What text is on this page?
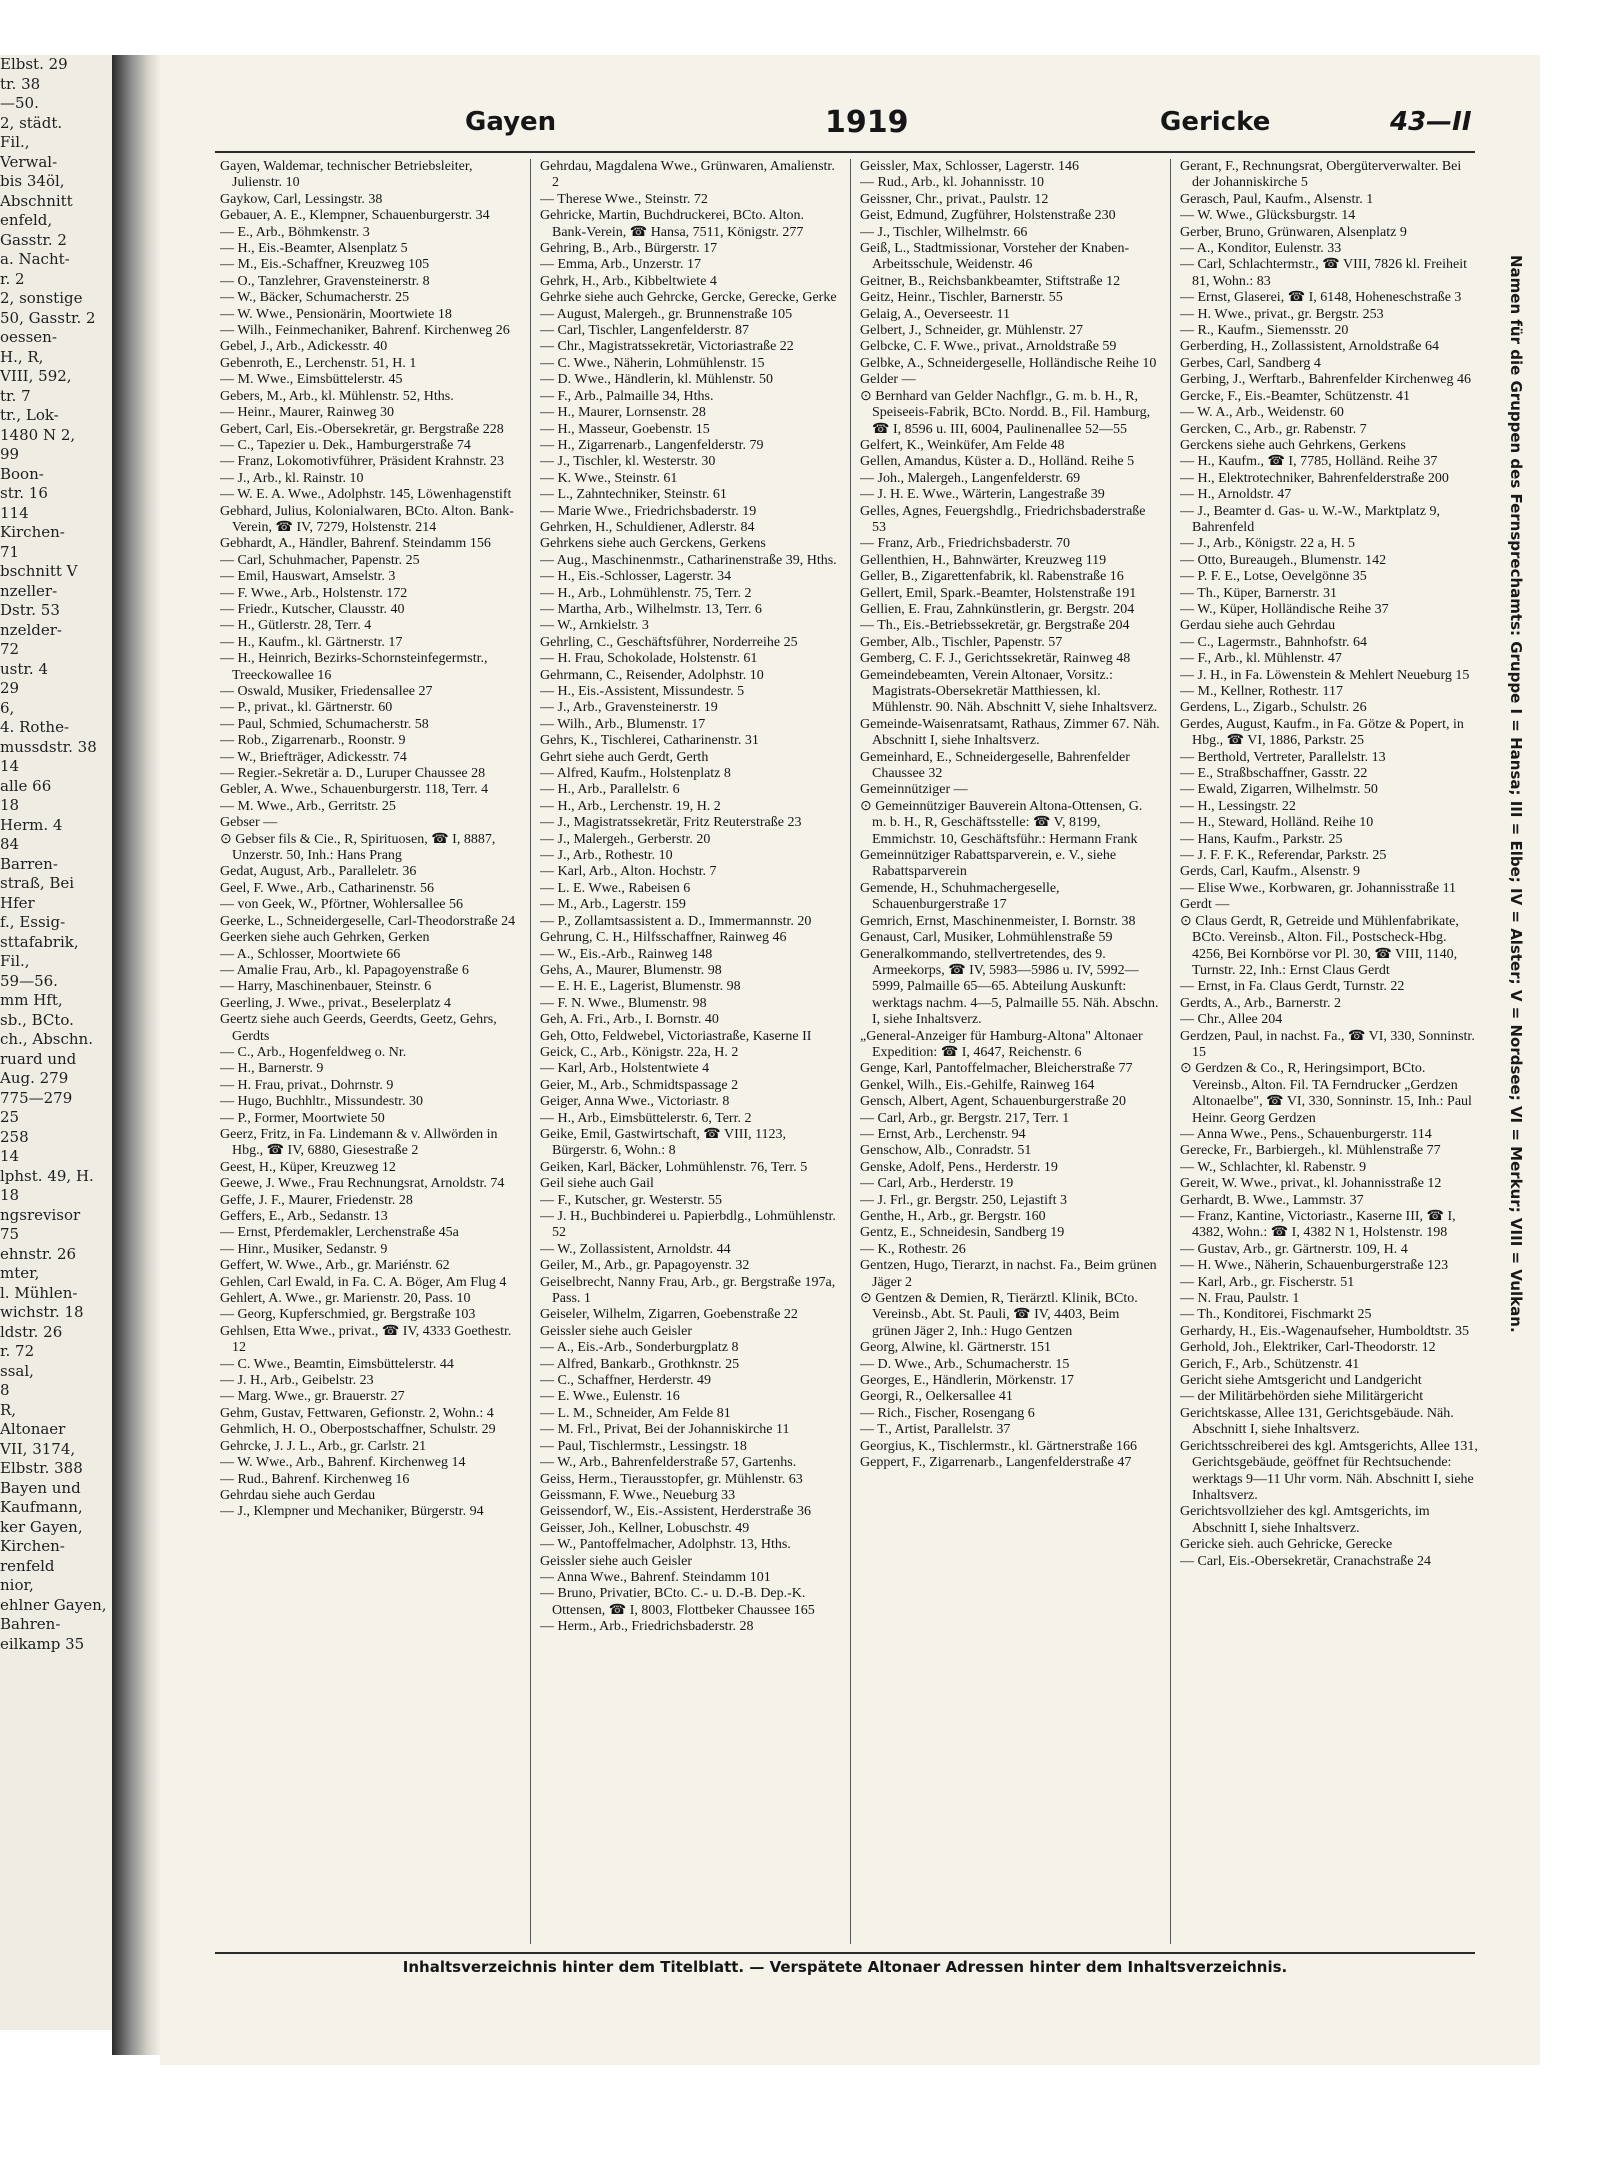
Elbst. 29
tr. 38
—50.
2, städt.
Fil.,
Verwal-
bis 34öl,
Abschnitt
enfeld,
Gasstr. 2
a. Nacht-
r. 2
2, sonstige
50, Gasstr. 2
oessen-
H., R,
VIII, 592,
tr. 7
tr., Lok-
1480 N 2,
99
Boon-
str. 16
114
Kirchen-
71
bschnitt V
nzeller-
Dstr. 53
nzelder-
72
ustr. 4
29
6,
4. Rothe-
mussdstr. 38
14
alle 66
18
Herm. 4
84
Barren-
straß, Bei
Hfer
f., Essig-
sttafabrik,
Fil.,
59—56.
mm Hft,
sb., BCto.
ch., Abschn.
ruard und
Aug. 279
775—279
25
258
14
lphst. 49, H.
18
ngsrevisor
75
ehnstr. 26
mter,
l. Mühlen-
wichstr. 18
ldstr. 26
r. 72
ssal,
8
R,
Altonaer
VII, 3174,
Elbstr. 388
Bayen und
Kaufmann,
ker Gayen,
Kirchen-
renfeld
nior,
ehlner Gayen,
Bahren-
eilkamp 35
Gayen	1919	Gericke	43—II
Gayen, Waldemar, technischer Betriebsleiter, Julienstr. 10
Gaykow, Carl, Lessingstr. 38
Gebauer, A. E., Klempner, Schauenburgerstr. 34
— E., Arb., Böhmkenstr. 3
— H., Eis.-Beamter, Alsenplatz 5
— M., Eis.-Schaffner, Kreuzweg 105
— O., Tanzlehrer, Gravensteinerstr. 8
— W., Bäcker, Schumacherstr. 25
— W. Wwe., Pensionärin, Moortwiete 18
— Wilh., Feinmechaniker, Bahrenf. Kirchenweg 26
Gebel, J., Arb., Adickesstr. 40
Gebenroth, E., Lerchenstr. 51, H. 1
— M. Wwe., Eimsbüttelerstr. 45
Gebers, M., Arb., kl. Mühlenstr. 52, Hths.
— Heinr., Maurer, Rainweg 30
Gebert, Carl, Eis.-Obersekretär, gr. Bergstraße 228
— C., Tapezier u. Dek., Hamburgerstraße 74
— Franz, Lokomotivführer, Präsident Krahnstr. 23
— J., Arb., kl. Rainstr. 10
— W. E. A. Wwe., Adolphstr. 145, Löwenhagenstift
Gebhard, Julius, Kolonialwaren, BCto. Alton. Bank-Verein, ☎ IV, 7279, Holstenstr. 214
Gebhardt, A., Händler, Bahrenf. Steindamm 156
— Carl, Schuhmacher, Papenstr. 25
— Emil, Hauswart, Amselstr. 3
— F. Wwe., Arb., Holstenstr. 172
— Friedr., Kutscher, Clausstr. 40
— H., Gütlerstr. 28, Terr. 4
— H., Kaufm., kl. Gärtnerstr. 17
— H., Heinrich, Bezirks-Schornsteinfegermstr., Treeckowallee 16
— Oswald, Musiker, Friedensallee 27
— P., privat., kl. Gärtnerstr. 60
— Paul, Schmied, Schumacherstr. 58
— Rob., Zigarrenarb., Roonstr. 9
— W., Briefträger, Adickesstr. 74
— Regier.-Sekretär a. D., Luruper Chaussee 28
Gebler, A. Wwe., Schauenburgerstr. 118, Terr. 4
— M. Wwe., Arb., Gerritstr. 25
Gebser —
⊙ Gebser fils & Cie., R, Spirituosen, ☎ I, 8887, Unzerstr. 50, Inh.: Hans Prang
Gedat, August, Arb., Paralleletr. 36
Geel, F. Wwe., Arb., Catharinenstr. 56
— von Geek, W., Pförtner, Wohlersallee 56
Geerke, L., Schneidergeselle, Carl-Theodorstraße 24
Geerken siehe auch Gehrken, Gerken
— A., Schlosser, Moortwiete 66
— Amalie Frau, Arb., kl. Papagoyenstraße 6
— Harry, Maschinenbauer, Steinstr. 6
Geerling, J. Wwe., privat., Beselerplatz 4
Geertz siehe auch Geerds, Geerdts, Geetz, Gehrs, Gerdts
— C., Arb., Hogenfeldweg o. Nr.
— H., Barnerstr. 9
— H. Frau, privat., Dohrnstr. 9
— Hugo, Buchhltr., Missundestr. 30
— P., Former, Moortwiete 50
Geerz, Fritz, in Fa. Lindemann & v. Allwörden in Hbg., ☎ IV, 6880, Giesestraße 2
Geest, H., Küper, Kreuzweg 12
Geewe, J. Wwe., Frau Rechnungsrat, Arnoldstr. 74
Geffe, J. F., Maurer, Friedenstr. 28
Geffers, E., Arb., Sedanstr. 13
— Ernst, Pferdemakler, Lerchenstraße 45a
— Hinr., Musiker, Sedanstr. 9
Geffert, W. Wwe., Arb., gr. Mariénstr. 62
Gehlen, Carl Ewald, in Fa. C. A. Böger, Am Flug 4
Gehlert, A. Wwe., gr. Marienstr. 20, Pass. 10
— Georg, Kupferschmied, gr. Bergstraße 103
Gehlsen, Etta Wwe., privat., ☎ IV, 4333 Goethestr. 12
— C. Wwe., Beamtin, Eimsbüttelerstr. 44
— J. H., Arb., Geibelstr. 23
— Marg. Wwe., gr. Brauerstr. 27
Gehm, Gustav, Fettwaren, Gefionstr. 2, Wohn.: 4
Gehmlich, H. O., Oberpostschaffner, Schulstr. 29
Gehrcke, J. J. L., Arb., gr. Carlstr. 21
— W. Wwe., Arb., Bahrenf. Kirchenweg 14
— Rud., Bahrenf. Kirchenweg 16
Gehrdau siehe auch Gerdau
— J., Klempner und Mechaniker, Bürgerstr. 94
Gehrdau, Magdalena Wwe., Grünwaren, Amalienstr. 2
— Therese Wwe., Steinstr. 72
Gehricke, Martin, Buchdruckerei, BCto. Alton. Bank-Verein, ☎ Hansa, 7511, Königstr. 277
Gehring, B., Arb., Bürgerstr. 17
— Emma, Arb., Unzerstr. 17
Gehrk, H., Arb., Kibbeltwiete 4
Gehrke siehe auch Gehrcke, Gercke, Gerecke, Gerke
— August, Malergeh., gr. Brunnenstraße 105
— Carl, Tischler, Langenfelderstr. 87
— Chr., Magistratssekretär, Victoriastraße 22
— C. Wwe., Näherin, Lohmühlenstr. 15
— D. Wwe., Händlerin, kl. Mühlenstr. 50
— F., Arb., Palmaille 34, Hths.
— H., Maurer, Lornsenstr. 28
— H., Masseur, Goebenstr. 15
— H., Zigarrenarb., Langenfelderstr. 79
— J., Tischler, kl. Westerstr. 30
— K. Wwe., Steinstr. 61
— L., Zahntechniker, Steinstr. 61
— Marie Wwe., Friedrichsbaderstr. 19
Gehrken, H., Schuldiener, Adlerstr. 84
Gehrkens siehe auch Gerckens, Gerkens
— Aug., Maschinenmstr., Catharinenstraße 39, Hths.
— H., Eis.-Schlosser, Lagerstr. 34
— H., Arb., Lohmühlenstr. 75, Terr. 2
— Martha, Arb., Wilhelmstr. 13, Terr. 6
— W., Arnkielstr. 3
Gehrling, C., Geschäftsführer, Norderreihe 25
— H. Frau, Schokolade, Holstenstr. 61
Gehrmann, C., Reisender, Adolphstr. 10
— H., Eis.-Assistent, Missundestr. 5
— J., Arb., Gravensteinerstr. 19
— Wilh., Arb., Blumenstr. 17
Gehrs, K., Tischlerei, Catharinenstr. 31
Gehrt siehe auch Gerdt, Gerth
— Alfred, Kaufm., Holstenplatz 8
— H., Arb., Parallelstr. 6
— H., Arb., Lerchenstr. 19, H. 2
— J., Magistratssekretär, Fritz Reuterstraße 23
— J., Malergeh., Gerberstr. 20
— J., Arb., Rothestr. 10
— Karl, Arb., Alton. Hochstr. 7
— L. E. Wwe., Rabeisen 6
— M., Arb., Lagerstr. 159
— P., Zollamtsassistent a. D., Immermannstr. 20
Gehrung, C. H., Hilfsschaffner, Rainweg 46
— W., Eis.-Arb., Rainweg 148
Gehs, A., Maurer, Blumenstr. 98
— E. H. E., Lagerist, Blumenstr. 98
— F. N. Wwe., Blumenstr. 98
Geh, A. Fri., Arb., I. Bornstr. 40
Geh, Otto, Feldwebel, Victoriastraße, Kaserne II
Geick, C., Arb., Königstr. 22a, H. 2
— Karl, Arb., Holstentwiete 4
Geier, M., Arb., Schmidtspassage 2
Geiger, Anna Wwe., Victoriastr. 8
— H., Arb., Eimsbüttelerstr. 6, Terr. 2
Geike, Emil, Gastwirtschaft, ☎ VIII, 1123, Bürgerstr. 6, Wohn.: 8
Geiken, Karl, Bäcker, Lohmühlenstr. 76, Terr. 5
Geil siehe auch Gail
— F., Kutscher, gr. Westerstr. 55
— J. H., Buchbinderei u. Papierbdlg., Lohmühlenstr. 52
— W., Zollassistent, Arnoldstr. 44
Geiler, M., Arb., gr. Papagoyenstr. 32
Geiselbrecht, Nanny Frau, Arb., gr. Bergstraße 197a, Pass. 1
Geiseler, Wilhelm, Zigarren, Goebenstraße 22
Geissler siehe auch Geisler
— A., Eis.-Arb., Sonderburgplatz 8
— Alfred, Bankarb., Grothknstr. 25
— C., Schaffner, Herderstr. 49
— E. Wwe., Eulenstr. 16
— L. M., Schneider, Am Felde 81
— M. Frl., Privat, Bei der Johanniskirche 11
— Paul, Tischlermstr., Lessingstr. 18
— W., Arb., Bahrenfelderstraße 57, Gartenhs.
Geiss, Herm., Tierausstopfer, gr. Mühlenstr. 63
Geissmann, F. Wwe., Neueburg 33
Geissendorf, W., Eis.-Assistent, Herderstraße 36
Geisser, Joh., Kellner, Lobuschstr. 49
— W., Pantoffelmacher, Adolphstr. 13, Hths.
Geissler siehe auch Geisler
— Anna Wwe., Bahrenf. Steindamm 101
— Bruno, Privatier, BCto. C.- u. D.-B. Dep.-K. Ottensen, ☎ I, 8003, Flottbeker Chaussee 165
— Herm., Arb., Friedrichsbaderstr. 28
Geissler, Max, Schlosser, Lagerstr. 146
— Rud., Arb., kl. Johannisstr. 10
Geissner, Chr., privat., Paulstr. 12
Geist, Edmund, Zugführer, Holstenstraße 230
— J., Tischler, Wilhelmstr. 66
Geiß, L., Stadtmissionar, Vorsteher der Knaben-Arbeitsschule, Weidenstr. 46
Geitner, B., Reichsbankbeamter, Stiftstraße 12
Geitz, Heinr., Tischler, Barnerstr. 55
Gelaig, A., Oeverseestr. 11
Gelbert, J., Schneider, gr. Mühlenstr. 27
Gelbcke, C. F. Wwe., privat., Arnoldstraße 59
Gelbke, A., Schneidergeselle, Holländische Reihe 10
Gelder —
⊙ Bernhard van Gelder Nachflgr., G. m. b. H., R, Speiseeis-Fabrik, BCto. Nordd. B., Fil. Hamburg, ☎ I, 8596 u. III, 6004, Paulinenallee 52—55
Gelfert, K., Weinküfer, Am Felde 48
Gellen, Amandus, Küster a. D., Holländ. Reihe 5
— Joh., Malergeh., Langenfelderstr. 69
— J. H. E. Wwe., Wärterin, Langestraße 39
Gelles, Agnes, Feuergshdlg., Friedrichsbaderstraße 53
— Franz, Arb., Friedrichsbaderstr. 70
Gellenthien, H., Bahnwärter, Kreuzweg 119
Geller, B., Zigarettenfabrik, kl. Rabenstraße 16
Gellert, Emil, Spark.-Beamter, Holstenstraße 191
Gellien, E. Frau, Zahnkünstlerin, gr. Bergstr. 204
— Th., Eis.-Betriebssekretär, gr. Bergstraße 204
Gember, Alb., Tischler, Papenstr. 57
Gemberg, C. F. J., Gerichtssekretär, Rainweg 48
Gemeindebeamten, Verein Altonaer, Vorsitz.: Magistrats-Obersekretär Matthiessen, kl. Mühlenstr. 90. Näh. Abschnitt V, siehe Inhaltsverz.
Gemeinde-Waisenratsamt, Rathaus, Zimmer 67. Näh. Abschnitt I, siehe Inhaltsverz.
Gemeinhard, E., Schneidergeselle, Bahrenfelder Chaussee 32
Gemeinnütziger —
⊙ Gemeinnütziger Bauverein Altona-Ottensen, G. m. b. H., R, Geschäftsstelle: ☎ V, 8199, Emmichstr. 10, Geschäftsführ.: Hermann Frank
Gemeinnütziger Rabattsparverein, e. V., siehe Rabattsparverein
Gemende, H., Schuhmachergeselle, Schauenburgerstraße 17
Gemrich, Ernst, Maschinenmeister, I. Bornstr. 38
Genaust, Carl, Musiker, Lohmühlenstraße 59
Generalkommando, stellvertretendes, des 9. Armeekorps, ☎ IV, 5983—5986 u. IV, 5992—5999, Palmaille 65—65. Abteilung Auskunft: werktags nachm. 4—5, Palmaille 55. Näh. Abschn. I, siehe Inhaltsverz.
„General-Anzeiger für Hamburg-Altona" Altonaer Expedition: ☎ I, 4647, Reichenstr. 6
Genge, Karl, Pantoffelmacher, Bleicherstraße 77
Genkel, Wilh., Eis.-Gehilfe, Rainweg 164
Gensch, Albert, Agent, Schauenburgerstraße 20
— Carl, Arb., gr. Bergstr. 217, Terr. 1
— Ernst, Arb., Lerchenstr. 94
Genschow, Alb., Conradstr. 51
Genske, Adolf, Pens., Herderstr. 19
— Carl, Arb., Herderstr. 19
— J. Frl., gr. Bergstr. 250, Lejastift 3
Genthe, H., Arb., gr. Bergstr. 160
Gentz, E., Schneidesin, Sandberg 19
— K., Rothestr. 26
Gentzen, Hugo, Tierarzt, in nachst. Fa., Beim grünen Jäger 2
⊙ Gentzen & Demien, R, Tierärztl. Klinik, BCto. Vereinsb., Abt. St. Pauli, ☎ IV, 4403, Beim grünen Jäger 2, Inh.: Hugo Gentzen
Georg, Alwine, kl. Gärtnerstr. 151
— D. Wwe., Arb., Schumacherstr. 15
Georges, E., Händlerin, Mörkenstr. 17
Georgi, R., Oelkersallee 41
— Rich., Fischer, Rosengang 6
— T., Artist, Parallelstr. 37
Georgius, K., Tischlermstr., kl. Gärtnerstraße 166
Geppert, F., Zigarrenarb., Langenfelderstraße 47
Gerant, F., Rechnungsrat, Obergüterverwalter. Bei der Johanniskirche 5
Gerasch, Paul, Kaufm., Alsenstr. 1
— W. Wwe., Glücksburgstr. 14
Gerber, Bruno, Grünwaren, Alsenplatz 9
— A., Konditor, Eulenstr. 33
— Carl, Schlachtermstr., ☎ VIII, 7826 kl. Freiheit 81, Wohn.: 83
— Ernst, Glaserei, ☎ I, 6148, Hoheneschstraße 3
— H. Wwe., privat., gr. Bergstr. 253
— R., Kaufm., Siemensstr. 20
Gerberding, H., Zollassistent, Arnoldstraße 64
Gerbes, Carl, Sandberg 4
Gerbing, J., Werftarb., Bahrenfelder Kirchenweg 46
Gercke, F., Eis.-Beamter, Schützenstr. 41
— W. A., Arb., Weidenstr. 60
Gercken, C., Arb., gr. Rabenstr. 7
Gerckens siehe auch Gehrkens, Gerkens
— H., Kaufm., ☎ I, 7785, Holländ. Reihe 37
— H., Elektrotechniker, Bahrenfelderstraße 200
— H., Arnoldstr. 47
— J., Beamter d. Gas- u. W.-W., Marktplatz 9, Bahrenfeld
— J., Arb., Königstr. 22 a, H. 5
— Otto, Bureaugeh., Blumenstr. 142
— P. F. E., Lotse, Oevelgönne 35
— Th., Küper, Barnerstr. 31
— W., Küper, Holländische Reihe 37
Gerdau siehe auch Gehrdau
— C., Lagermstr., Bahnhofstr. 64
— F., Arb., kl. Mühlenstr. 47
— J. H., in Fa. Löwenstein & Mehlert Neueburg 15
— M., Kellner, Rothestr. 117
Gerdens, L., Zigarb., Schulstr. 26
Gerdes, August, Kaufm., in Fa. Götze & Popert, in Hbg., ☎ VI, 1886, Parkstr. 25
— Berthold, Vertreter, Parallelstr. 13
— E., Straßbschaffner, Gasstr. 22
— Ewald, Zigarren, Wilhelmstr. 50
— H., Lessingstr. 22
— H., Steward, Holländ. Reihe 10
— Hans, Kaufm., Parkstr. 25
— J. F. F. K., Referendar, Parkstr. 25
Gerds, Carl, Kaufm., Alsenstr. 9
— Elise Wwe., Korbwaren, gr. Johannisstraße 11
Gerdt —
⊙ Claus Gerdt, R, Getreide und Mühlenfabrikate, BCto. Vereinsb., Alton. Fil., Postscheck-Hbg. 4256, Bei Kornbörse vor Pl. 30, ☎ VIII, 1140, Turnstr. 22, Inh.: Ernst Claus Gerdt
— Ernst, in Fa. Claus Gerdt, Turnstr. 22
Gerdts, A., Arb., Barnerstr. 2
— Chr., Allee 204
Gerdzen, Paul, in nachst. Fa., ☎ VI, 330, Sonninstr. 15
⊙ Gerdzen & Co., R, Heringsimport, BCto. Vereinsb., Alton. Fil. TA Ferndrucker „Gerdzen Altonaelbe", ☎ VI, 330, Sonninstr. 15, Inh.: Paul Heinr. Georg Gerdzen
— Anna Wwe., Pens., Schauenburgerstr. 114
Gerecke, Fr., Barbiergeh., kl. Mühlenstraße 77
— W., Schlachter, kl. Rabenstr. 9
Gereit, W. Wwe., privat., kl. Johannisstraße 12
Gerhardt, B. Wwe., Lammstr. 37
— Franz, Kantine, Victoriastr., Kaserne III, ☎ I, 4382, Wohn.: ☎ I, 4382 N 1, Holstenstr. 198
— Gustav, Arb., gr. Gärtnerstr. 109, H. 4
— H. Wwe., Näherin, Schauenburgerstraße 123
— Karl, Arb., gr. Fischerstr. 51
— N. Frau, Paulstr. 1
— Th., Konditorei, Fischmarkt 25
Gerhardy, H., Eis.-Wagenaufseher, Humboldtstr. 35
Gerhold, Joh., Elektriker, Carl-Theodorstr. 12
Gerich, F., Arb., Schützenstr. 41
Gericht siehe Amtsgericht und Landgericht
— der Militärbehörden siehe Militärgericht
Gerichtskasse, Allee 131, Gerichtsgebäude. Näh. Abschnitt I, siehe Inhaltsverz.
Gerichtsschreiberei des kgl. Amtsgerichts, Allee 131, Gerichtsgebäude, geöffnet für Rechtsuchende: werktags 9—11 Uhr vorm. Näh. Abschnitt I, siehe Inhaltsverz.
Gerichtsvollzieher des kgl. Amtsgerichts, im Abschnitt I, siehe Inhaltsverz.
Gericke sieh. auch Gehricke, Gerecke
— Carl, Eis.-Obersekretär, Cranachstraße 24
Namen für die Gruppen des Fernsprechamts: Gruppe I = Hansa; III = Elbe; IV = Alster; V = Nordsee; VI = Merkur; VIII = Vulkan.
Inhaltsverzeichnis hinter dem Titelblatt. — Verspätete Altonaer Adressen hinter dem Inhaltsverzeichnis.
